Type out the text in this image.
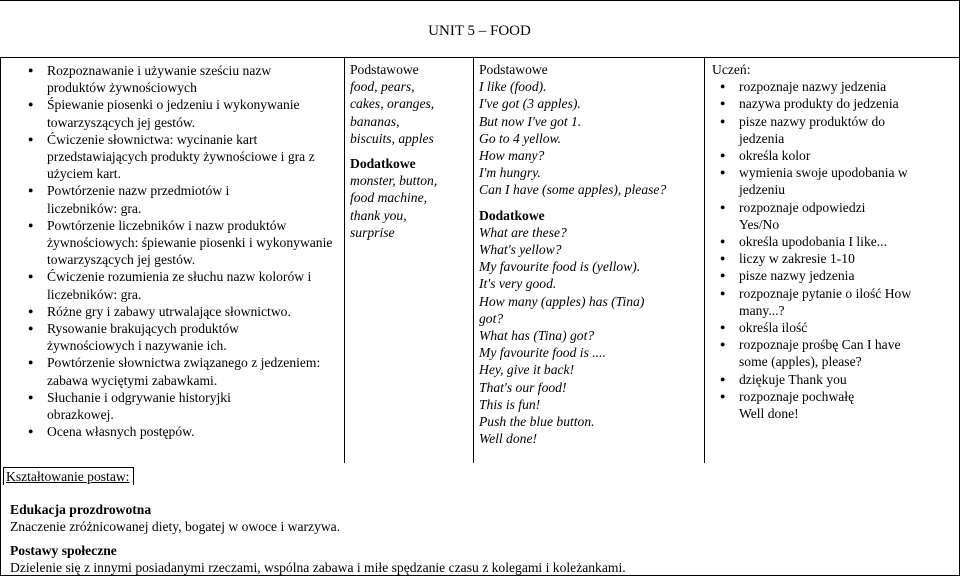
UNIT 5 – FOOD
● Rozpoznawanie i używanie sześciu nazw produktów żywnościowych
● Śpiewanie piosenki o jedzeniu i wykonywanie towarzyszących jej gestów.
● Ćwiczenie słownictwa: wycinanie kart przedstawiających produkty żywnościowe i gra z użyciem kart.
● Powtórzenie nazw przedmiotów i liczebników: gra.
● Powtórzenie liczebników i nazw produktów żywnościowych: śpiewanie piosenki i wykonywanie towarzyszących jej gestów.
● Ćwiczenie rozumienia ze słuchu nazw kolorów i liczebników: gra.
● Różne gry i zabawy utrwalające słownictwo.
● Rysowanie brakujących produktów żywnościowych i nazywanie ich.
● Powtórzenie słownictwa związanego z jedzeniem: zabawa wyciętymi zabawkami.
● Słuchanie i odgrywanie historyjki obrazkowej.
● Ocena własnych postępów.
Podstawowe
food, pears,
cakes, oranges,
bananas,
biscuits, apples
Dodatkowe
monster, button,
food machine,
thank you,
surprise
Podstawowe
I like (food).
I've got (3 apples).
But now I've got 1.
Go to 4 yellow.
How many?
I'm hungry.
Can I have (some apples), please?
Dodatkowe
What are these?
What's yellow?
My favourite food is (yellow).
It's very good.
How many (apples) has (Tina)
got?
What has (Tina) got?
My favourite food is ....
Hey, give it back!
That's our food!
This is fun!
Push the blue button.
Well done!
Uczeń:
● rozpoznaje nazwy jedzenia
● nazywa produkty do jedzenia
● pisze nazwy produktów do jedzenia
● określa kolor
● wymienia swoje upodobania w jedzeniu
● rozpoznaje odpowiedzi Yes/No
● określa upodobania I like...
● liczy w zakresie 1-10
● pisze nazwy jedzenia
● rozpoznaje pytanie o ilość How many...?
● określa ilość
● rozpoznaje prośbę Can I have some (apples), please?
● dziękuje Thank you
● rozpoznaje pochwałę Well done!
Kształtowanie postaw:
Edukacja prozdrowotna
Znaczenie zróżnicowanej diety, bogatej w owoce i warzywa.
Postawy społeczne
Dzielenie się z innymi posiadanymi rzeczami, wspólna zabawa i miłe spędzanie czasu z kolegami i koleżankami.
